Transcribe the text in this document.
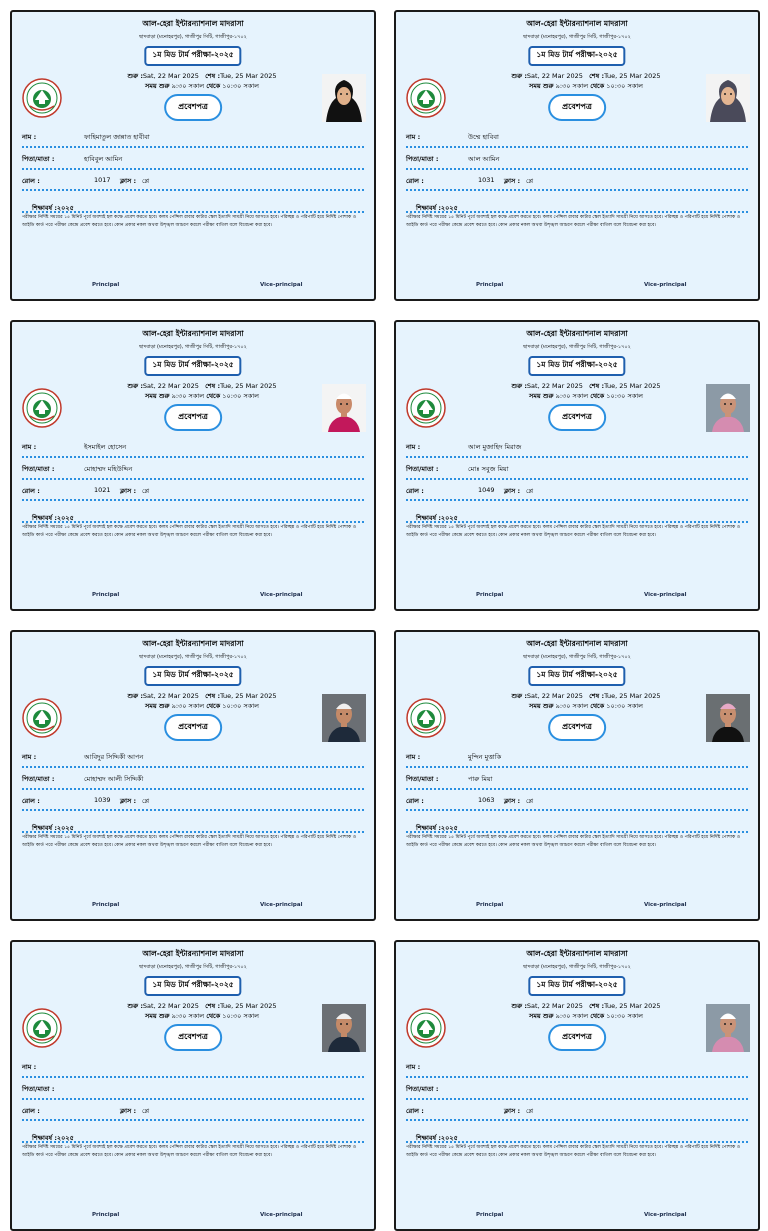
আল-হেরা ইন্টারন্যাশনাল মাদরাসা
ছাদবাড়া (মনোহরপুর), গাজীপুর সিটি, গাজীপুর-১৭০২
১ম মিড টার্ম পরীক্ষা-২০২৫
শুরু :Sat, 22 Mar 2025 শেষ :Tue, 25 Mar 2025
সময় শুরু ৯:৩০ সকাল থেকে ১০:৩০ সকাল
প্রবেশপত্র
নাম :	ফাহিমাতুল জান্নাত হাবীবা
পিতা/মাতা :	হাবিবুল আমিন
রোল :	1017 ক্লাস : প্লে
শিক্ষাবর্ষ :২০২৫
পরীক্ষার নির্দিষ্ট সময়ের ১৫ মিনিট পূর্বে অবশ্যই হল কক্ষে প্রবেশ করতে হবে। কলম পেন্সিল রাবার কাটার স্কেল ইত্যাদি সামগ্রী নিয়ে আসতে হবে। পরিচ্ছন্ন ও পরিপাটি হয়ে নির্দিষ্ট পোশাক ও আইডি কার্ড পরে পরীক্ষা কেন্দ্রে প্রবেশ করতে হবে। কোন প্রকার নকল অথবা উশৃঙ্খল আচরণ করলে পরীক্ষা বাতিল বলে বিবেচনা করা হবে।
Principal	Vice-principal
আল-হেরা ইন্টারন্যাশনাল মাদরাসা
ছাদবাড়া (মনোহরপুর), গাজীপুর সিটি, গাজীপুর-১৭০২
১ম মিড টার্ম পরীক্ষা-২০২৫
শুরু :Sat, 22 Mar 2025 শেষ :Tue, 25 Mar 2025
সময় শুরু ৯:৩০ সকাল থেকে ১০:৩০ সকাল
প্রবেশপত্র
নাম :	উম্মে হাবিবা
পিতা/মাতা :	আল আমিন
রোল :	1031 ক্লাস : প্লে
শিক্ষাবর্ষ :২০২৫
পরীক্ষার নির্দিষ্ট সময়ের ১৫ মিনিট পূর্বে অবশ্যই হল কক্ষে প্রবেশ করতে হবে। কলম পেন্সিল রাবার কাটার স্কেল ইত্যাদি সামগ্রী নিয়ে আসতে হবে। পরিচ্ছন্ন ও পরিপাটি হয়ে নির্দিষ্ট পোশাক ও আইডি কার্ড পরে পরীক্ষা কেন্দ্রে প্রবেশ করতে হবে। কোন প্রকার নকল অথবা উশৃঙ্খল আচরণ করলে পরীক্ষা বাতিল বলে বিবেচনা করা হবে।
Principal	Vice-principal
আল-হেরা ইন্টারন্যাশনাল মাদরাসা
ছাদবাড়া (মনোহরপুর), গাজীপুর সিটি, গাজীপুর-১৭০২
১ম মিড টার্ম পরীক্ষা-২০২৫
শুরু :Sat, 22 Mar 2025 শেষ :Tue, 25 Mar 2025
সময় শুরু ৯:৩০ সকাল থেকে ১০:৩০ সকাল
প্রবেশপত্র
নাম :	ইসমাইল হোসেন
পিতা/মাতা :	মোহাম্মদ মহিউদ্দিন
রোল :	1021 ক্লাস : প্লে
শিক্ষাবর্ষ :২০২৫
পরীক্ষার নির্দিষ্ট সময়ের ১৫ মিনিট পূর্বে অবশ্যই হল কক্ষে প্রবেশ করতে হবে। কলম পেন্সিল রাবার কাটার স্কেল ইত্যাদি সামগ্রী নিয়ে আসতে হবে। পরিচ্ছন্ন ও পরিপাটি হয়ে নির্দিষ্ট পোশাক ও আইডি কার্ড পরে পরীক্ষা কেন্দ্রে প্রবেশ করতে হবে। কোন প্রকার নকল অথবা উশৃঙ্খল আচরণ করলে পরীক্ষা বাতিল বলে বিবেচনা করা হবে।
Principal	Vice-principal
আল-হেরা ইন্টারন্যাশনাল মাদরাসা
ছাদবাড়া (মনোহরপুর), গাজীপুর সিটি, গাজীপুর-১৭০২
১ম মিড টার্ম পরীক্ষা-২০২৫
শুরু :Sat, 22 Mar 2025 শেষ :Tue, 25 Mar 2025
সময় শুরু ৯:৩০ সকাল থেকে ১০:৩০ সকাল
প্রবেশপত্র
নাম :	আল মুজাহিদ মিরাজ
পিতা/মাতা :	মোঃ সবুজ মিয়া
রোল :	1049 ক্লাস : প্লে
শিক্ষাবর্ষ :২০২৫
পরীক্ষার নির্দিষ্ট সময়ের ১৫ মিনিট পূর্বে অবশ্যই হল কক্ষে প্রবেশ করতে হবে। কলম পেন্সিল রাবার কাটার স্কেল ইত্যাদি সামগ্রী নিয়ে আসতে হবে। পরিচ্ছন্ন ও পরিপাটি হয়ে নির্দিষ্ট পোশাক ও আইডি কার্ড পরে পরীক্ষা কেন্দ্রে প্রবেশ করতে হবে। কোন প্রকার নকল অথবা উশৃঙ্খল আচরণ করলে পরীক্ষা বাতিল বলে বিবেচনা করা হবে।
Principal	Vice-principal
আল-হেরা ইন্টারন্যাশনাল মাদরাসা
ছাদবাড়া (মনোহরপুর), গাজীপুর সিটি, গাজীপুর-১৭০২
১ম মিড টার্ম পরীক্ষা-২০২৫
শুরু :Sat, 22 Mar 2025 শেষ :Tue, 25 Mar 2025
সময় শুরু ৯:৩০ সকাল থেকে ১০:৩০ সকাল
প্রবেশপত্র
নাম :	আবিদুর সিদ্দিকী আপন
পিতা/মাতা :	মোহাম্মদ আলী সিদ্দিকী
রোল :	1039 ক্লাস : প্লে
শিক্ষাবর্ষ :২০২৫
পরীক্ষার নির্দিষ্ট সময়ের ১৫ মিনিট পূর্বে অবশ্যই হল কক্ষে প্রবেশ করতে হবে। কলম পেন্সিল রাবার কাটার স্কেল ইত্যাদি সামগ্রী নিয়ে আসতে হবে। পরিচ্ছন্ন ও পরিপাটি হয়ে নির্দিষ্ট পোশাক ও আইডি কার্ড পরে পরীক্ষা কেন্দ্রে প্রবেশ করতে হবে। কোন প্রকার নকল অথবা উশৃঙ্খল আচরণ করলে পরীক্ষা বাতিল বলে বিবেচনা করা হবে।
Principal	Vice-principal
আল-হেরা ইন্টারন্যাশনাল মাদরাসা
ছাদবাড়া (মনোহরপুর), গাজীপুর সিটি, গাজীপুর-১৭০২
১ম মিড টার্ম পরীক্ষা-২০২৫
শুরু :Sat, 22 Mar 2025 শেষ :Tue, 25 Mar 2025
সময় শুরু ৯:৩০ সকাল থেকে ১০:৩০ সকাল
প্রবেশপত্র
নাম :	মুন্দিন মুত্তাকি
পিতা/মাতা :	পারু মিয়া
রোল :	1063 ক্লাস : প্লে
শিক্ষাবর্ষ :২০২৫
পরীক্ষার নির্দিষ্ট সময়ের ১৫ মিনিট পূর্বে অবশ্যই হল কক্ষে প্রবেশ করতে হবে। কলম পেন্সিল রাবার কাটার স্কেল ইত্যাদি সামগ্রী নিয়ে আসতে হবে। পরিচ্ছন্ন ও পরিপাটি হয়ে নির্দিষ্ট পোশাক ও আইডি কার্ড পরে পরীক্ষা কেন্দ্রে প্রবেশ করতে হবে। কোন প্রকার নকল অথবা উশৃঙ্খল আচরণ করলে পরীক্ষা বাতিল বলে বিবেচনা করা হবে।
Principal	Vice-principal
আল-হেরা ইন্টারন্যাশনাল মাদরাসা
ছাদবাড়া (মনোহরপুর), গাজীপুর সিটি, গাজীপুর-১৭০২
১ম মিড টার্ম পরীক্ষা-২০২৫
শুরু :Sat, 22 Mar 2025 শেষ :Tue, 25 Mar 2025
সময় শুরু ৯:৩০ সকাল থেকে ১০:৩০ সকাল
প্রবেশপত্র
নাম :
পিতা/মাতা :
রোল :	ক্লাস : প্লে
শিক্ষাবর্ষ :২০২৫
পরীক্ষার নির্দিষ্ট সময়ের ১৫ মিনিট পূর্বে অবশ্যই হল কক্ষে প্রবেশ করতে হবে। কলম পেন্সিল রাবার কাটার স্কেল ইত্যাদি সামগ্রী নিয়ে আসতে হবে। পরিচ্ছন্ন ও পরিপাটি হয়ে নির্দিষ্ট পোশাক ও আইডি কার্ড পরে পরীক্ষা কেন্দ্রে প্রবেশ করতে হবে। কোন প্রকার নকল অথবা উশৃঙ্খল আচরণ করলে পরীক্ষা বাতিল বলে বিবেচনা করা হবে।
Principal	Vice-principal
আল-হেরা ইন্টারন্যাশনাল মাদরাসা
ছাদবাড়া (মনোহরপুর), গাজীপুর সিটি, গাজীপুর-১৭০২
১ম মিড টার্ম পরীক্ষা-২০২৫
শুরু :Sat, 22 Mar 2025 শেষ :Tue, 25 Mar 2025
সময় শুরু ৯:৩০ সকাল থেকে ১০:৩০ সকাল
প্রবেশপত্র
নাম :
পিতা/মাতা :
রোল :	ক্লাস : প্লে
শিক্ষাবর্ষ :২০২৫
পরীক্ষার নির্দিষ্ট সময়ের ১৫ মিনিট পূর্বে অবশ্যই হল কক্ষে প্রবেশ করতে হবে। কলম পেন্সিল রাবার কাটার স্কেল ইত্যাদি সামগ্রী নিয়ে আসতে হবে। পরিচ্ছন্ন ও পরিপাটি হয়ে নির্দিষ্ট পোশাক ও আইডি কার্ড পরে পরীক্ষা কেন্দ্রে প্রবেশ করতে হবে। কোন প্রকার নকল অথবা উশৃঙ্খল আচরণ করলে পরীক্ষা বাতিল বলে বিবেচনা করা হবে।
Principal	Vice-principal
